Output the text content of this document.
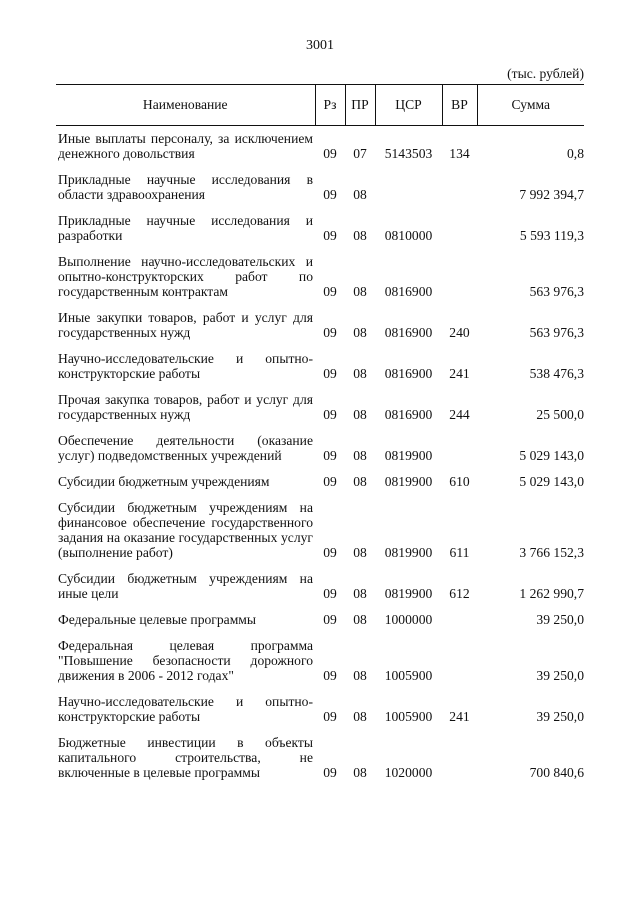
3001
(тыс. рублей)
Наименование	Рз	ПР	ЦСР	ВР	Сумма
Иные выплаты персоналу, за исключением денежного довольствия	09	07	5143503	134	0,8
Прикладные научные исследования в области здравоохранения	09	08			7 992 394,7
Прикладные научные исследования и разработки	09	08	0810000		5 593 119,3
Выполнение научно-исследовательских и опытно-конструкторских работ по государственным контрактам	09	08	0816900		563 976,3
Иные закупки товаров, работ и услуг для государственных нужд	09	08	0816900	240	563 976,3
Научно-исследовательские и опытно-конструкторские работы	09	08	0816900	241	538 476,3
Прочая закупка товаров, работ и услуг для государственных нужд	09	08	0816900	244	25 500,0
Обеспечение деятельности (оказание услуг) подведомственных учреждений	09	08	0819900		5 029 143,0
Субсидии бюджетным учреждениям	09	08	0819900	610	5 029 143,0
Субсидии бюджетным учреждениям на финансовое обеспечение государственного задания на оказание государственных услуг (выполнение работ)	09	08	0819900	611	3 766 152,3
Субсидии бюджетным учреждениям на иные цели	09	08	0819900	612	1 262 990,7
Федеральные целевые программы	09	08	1000000		39 250,0
Федеральная целевая программа "Повышение безопасности дорожного движения в 2006 - 2012 годах"	09	08	1005900		39 250,0
Научно-исследовательские и опытно-конструкторские работы	09	08	1005900	241	39 250,0
Бюджетные инвестиции в объекты капитального строительства, не включенные в целевые программы	09	08	1020000		700 840,6
